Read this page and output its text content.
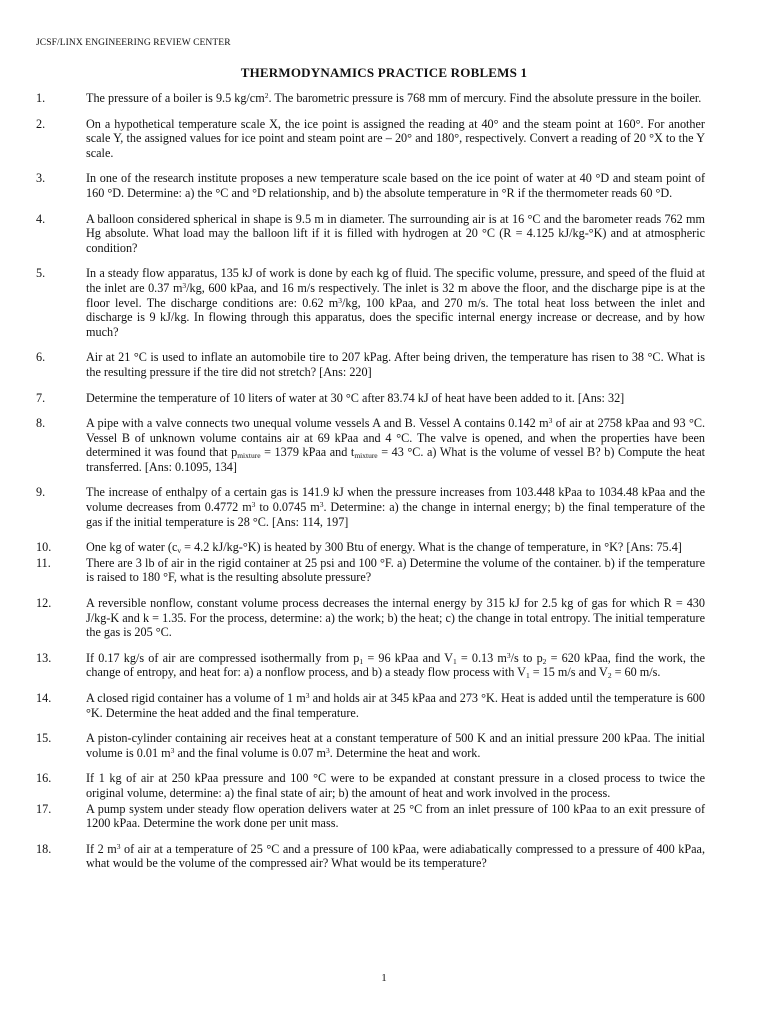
JCSF/LINX ENGINEERING REVIEW CENTER
THERMODYNAMICS PRACTICE ROBLEMS 1
1.	The pressure of a boiler is 9.5 $kg/cm^2$. The barometric pressure is 768 mm of mercury. Find the absolute pressure in the boiler.
2.	On a hypothetical temperature scale X, the ice point is assigned the reading at 40° and the steam point at 160°. For another scale Y, the assigned values for ice point and steam point are – 20° and 180°, respectively. Convert a reading of 20 °X to the Y scale.
3.	In one of the research institute proposes a new temperature scale based on the ice point of water at 40 °D and steam point of 160 °D. Determine: a) the °C and °D relationship, and b) the absolute temperature in °R if the thermometer reads 60 °D.
4.	A balloon considered spherical in shape is 9.5 m in diameter. The surrounding air is at 16 °C and the barometer reads 762 mm Hg absolute. What load may the balloon lift if it is filled with hydrogen at 20 °C (R = 4.125 kJ/kg-°K) and at atmospheric condition?
5.	In a steady flow apparatus, 135 kJ of work is done by each kg of fluid. The specific volume, pressure, and speed of the fluid at the inlet are 0.37 $m^3/kg$, 600 kPaa, and 16 m/s respectively. The inlet is 32 m above the floor, and the discharge pipe is at the floor level. The discharge conditions are: 0.62 $m^3/kg$, 100 kPaa, and 270 m/s. The total heat loss between the inlet and discharge is 9 kJ/kg. In flowing through this apparatus, does the specific internal energy increase or decrease, and by how much?
6.	Air at 21 °C is used to inflate an automobile tire to 207 kPag. After being driven, the temperature has risen to 38 °C. What is the resulting pressure if the tire did not stretch? [Ans: 220]
7.	Determine the temperature of 10 liters of water at 30 °C after 83.74 kJ of heat have been added to it. [Ans: 32]
8.	A pipe with a valve connects two unequal volume vessels A and B. Vessel A contains 0.142 $m^3$ of air at 2758 kPaa and 93 °C. Vessel B of unknown volume contains air at 69 kPaa and 4 °C. The valve is opened, and when the properties have been determined it was found that $p_{mixture} = 1379$ kPaa and $t_{mixture} = 43$ °C. a) What is the volume of vessel B? b) Compute the heat transferred. [Ans: 0.1095, 134]
9.	The increase of enthalpy of a certain gas is 141.9 kJ when the pressure increases from 103.448 kPaa to 1034.48 kPaa and the volume decreases from 0.4772 $m^3$ to 0.0745 $m^3$. Determine: a) the change in internal energy; b) the final temperature of the gas if the initial temperature is 28 °C. [Ans: 114, 197]
10.	One kg of water ($c_v = 4.2$ kJ/kg-°K) is heated by 300 Btu of energy. What is the change of temperature, in °K? [Ans: 75.4]
11.	There are 3 lb of air in the rigid container at 25 psi and 100 °F. a) Determine the volume of the container. b) if the temperature is raised to 180 °F, what is the resulting absolute pressure?
12.	A reversible nonflow, constant volume process decreases the internal energy by 315 kJ for 2.5 kg of gas for which R = 430 J/kg-K and k = 1.35. For the process, determine: a) the work; b) the heat; c) the change in total entropy. The initial temperature the gas is 205 °C.
13.	If 0.17 kg/s of air are compressed isothermally from $p_1 = 96$ kPaa and $V_1 = 0.13$ $m^3/s$ to $p_2 = 620$ kPaa, find the work, the change of entropy, and heat for: a) a nonflow process, and b) a steady flow process with $V_1 = 15$ m/s and $V_2 = 60$ m/s.
14.	A closed rigid container has a volume of 1 $m^3$ and holds air at 345 kPaa and 273 °K. Heat is added until the temperature is 600 °K. Determine the heat added and the final temperature.
15.	A piston-cylinder containing air receives heat at a constant temperature of 500 K and an initial pressure 200 kPaa. The initial volume is 0.01 $m^3$ and the final volume is 0.07 $m^3$. Determine the heat and work.
16.	If 1 kg of air at 250 kPaa pressure and 100 °C were to be expanded at constant pressure in a closed process to twice the original volume, determine: a) the final state of air; b) the amount of heat and work involved in the process.
17.	A pump system under steady flow operation delivers water at 25 °C from an inlet pressure of 100 kPaa to an exit pressure of 1200 kPaa. Determine the work done per unit mass.
18.	If 2 $m^3$ of air at a temperature of 25 °C and a pressure of 100 kPaa, were adiabatically compressed to a pressure of 400 kPaa, what would be the volume of the compressed air? What would be its temperature?
1
